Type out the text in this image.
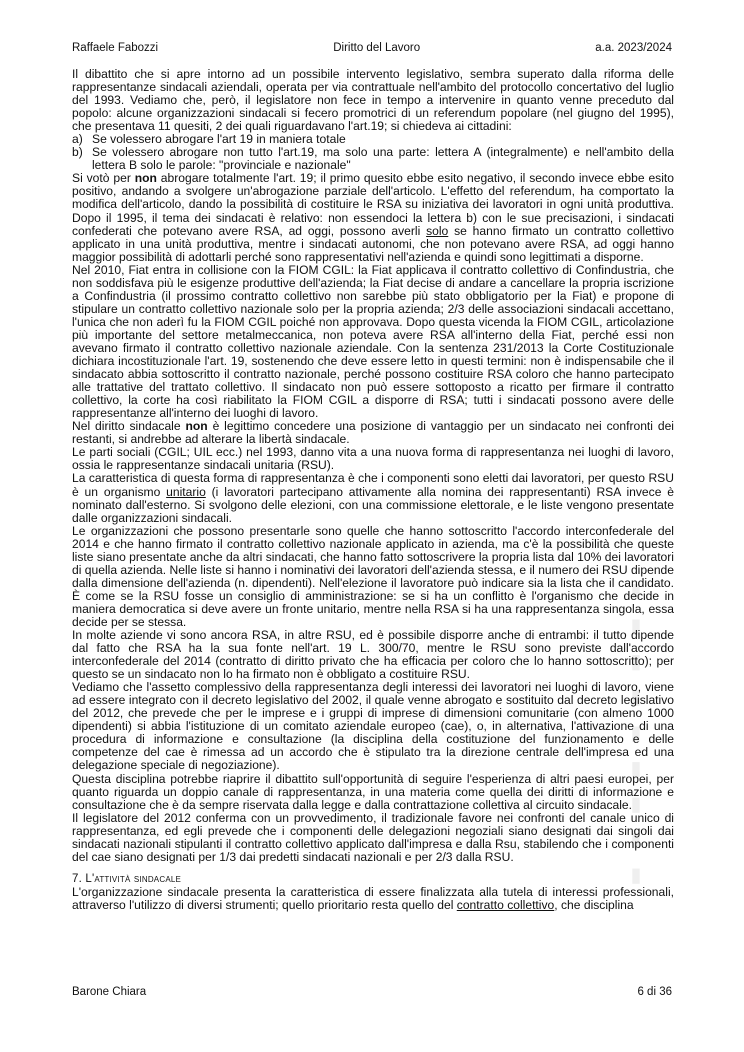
Raffaele Fabozzi	Diritto del Lavoro	a.a. 2023/2024

Il dibattito che si apre intorno ad un possibile intervento legislativo, sembra superato dalla riforma delle rappresentanze sindacali aziendali, operata per via contrattuale nell'ambito del protocollo concertativo del luglio del 1993. Vediamo che, però, il legislatore non fece in tempo a intervenire in quanto venne preceduto dal popolo: alcune organizzazioni sindacali si fecero promotrici di un referendum popolare (nel giugno del 1995), che presentava 11 quesiti, 2 dei quali riguardavano l'art.19; si chiedeva ai cittadini:

a) Se volessero abrogare l'art 19 in maniera totale
b) Se volessero abrogare non tutto l'art.19, ma solo una parte: lettera A (integralmente) e nell'ambito della lettera B solo le parole: "provinciale e nazionale"

Si votò per non abrogare totalmente l'art. 19; il primo quesito ebbe esito negativo, il secondo invece ebbe esito positivo, andando a svolgere un'abrogazione parziale dell'articolo. L'effetto del referendum, ha comportato la modifica dell'articolo, dando la possibilità di costituire le RSA su iniziativa dei lavoratori in ogni unità produttiva. Dopo il 1995, il tema dei sindacati è relativo: non essendoci la lettera b) con le sue precisazioni, i sindacati confederati che potevano avere RSA, ad oggi, possono averli solo se hanno firmato un contratto collettivo applicato in una unità produttiva, mentre i sindacati autonomi, che non potevano avere RSA, ad oggi hanno maggior possibilità di adottarli perché sono rappresentativi nell'azienda e quindi sono legittimati a disporne.

Nel 2010, Fiat entra in collisione con la FIOM CGIL: la Fiat applicava il contratto collettivo di Confindustria, che non soddisfava più le esigenze produttive dell'azienda; la Fiat decise di andare a cancellare la propria iscrizione a Confindustria (il prossimo contratto collettivo non sarebbe più stato obbligatorio per la Fiat) e propone di stipulare un contratto collettivo nazionale solo per la propria azienda; 2/3 delle associazioni sindacali accettano, l'unica che non aderì fu la FIOM CGIL poiché non approvava. Dopo questa vicenda la FIOM CGIL, articolazione più importante del settore metalmeccanica, non poteva avere RSA all'interno della Fiat, perché essi non avevano firmato il contratto collettivo nazionale aziendale. Con la sentenza 231/2013 la Corte Costituzionale dichiara incostituzionale l'art. 19, sostenendo che deve essere letto in questi termini: non è indispensabile che il sindacato abbia sottoscritto il contratto nazionale, perché possono costituire RSA coloro che hanno partecipato alle trattative del trattato collettivo. Il sindacato non può essere sottoposto a ricatto per firmare il contratto collettivo, la corte ha così riabilitato la FIOM CGIL a disporre di RSA; tutti i sindacati possono avere delle rappresentanze all'interno dei luoghi di lavoro.

Nel diritto sindacale non è legittimo concedere una posizione di vantaggio per un sindacato nei confronti dei restanti, si andrebbe ad alterare la libertà sindacale.

Le parti sociali (CGIL; UIL ecc.) nel 1993, danno vita a una nuova forma di rappresentanza nei luoghi di lavoro, ossia le rappresentanze sindacali unitaria (RSU).

La caratteristica di questa forma di rappresentanza è che i componenti sono eletti dai lavoratori, per questo RSU è un organismo unitario (i lavoratori partecipano attivamente alla nomina dei rappresentanti) RSA invece è nominato dall'esterno. Si svolgono delle elezioni, con una commissione elettorale, e le liste vengono presentate dalle organizzazioni sindacali.

Le organizzazioni che possono presentarle sono quelle che hanno sottoscritto l'accordo interconfederale del 2014 e che hanno firmato il contratto collettivo nazionale applicato in azienda, ma c'è la possibilità che queste liste siano presentate anche da altri sindacati, che hanno fatto sottoscrivere la propria lista dal 10% dei lavoratori di quella azienda. Nelle liste si hanno i nominativi dei lavoratori dell'azienda stessa, e il numero dei RSU dipende dalla dimensione dell'azienda (n. dipendenti). Nell'elezione il lavoratore può indicare sia la lista che il candidato. È come se la RSU fosse un consiglio di amministrazione: se si ha un conflitto è l'organismo che decide in maniera democratica si deve avere un fronte unitario, mentre nella RSA si ha una rappresentanza singola, essa decide per se stessa.

In molte aziende vi sono ancora RSA, in altre RSU, ed è possibile disporre anche di entrambi: il tutto dipende dal fatto che RSA ha la sua fonte nell'art. 19 L. 300/70, mentre le RSU sono previste dall'accordo interconfederale del 2014 (contratto di diritto privato che ha efficacia per coloro che lo hanno sottoscritto); per questo se un sindacato non lo ha firmato non è obbligato a costituire RSU.

Vediamo che l'assetto complessivo della rappresentanza degli interessi dei lavoratori nei luoghi di lavoro, viene ad essere integrato con il decreto legislativo del 2002, il quale venne abrogato e sostituito dal decreto legislativo del 2012, che prevede che per le imprese e i gruppi di imprese di dimensioni comunitarie (con almeno 1000 dipendenti) si abbia l'istituzione di un comitato aziendale europeo (cae), o, in alternativa, l'attivazione di una procedura di informazione e consultazione (la disciplina della costituzione del funzionamento e delle competenze del cae è rimessa ad un accordo che è stipulato tra la direzione centrale dell'impresa ed una delegazione speciale di negoziazione).

Questa disciplina potrebbe riaprire il dibattito sull'opportunità di seguire l'esperienza di altri paesi europei, per quanto riguarda un doppio canale di rappresentanza, in una materia come quella dei diritti di informazione e consultazione che è da sempre riservata dalla legge e dalla contrattazione collettiva al circuito sindacale.

Il legislatore del 2012 conferma con un provvedimento, il tradizionale favore nei confronti del canale unico di rappresentanza, ed egli prevede che i componenti delle delegazioni negoziali siano designati dai singoli dai sindacati nazionali stipulanti il contratto collettivo applicato dall'impresa e dalla Rsu, stabilendo che i componenti del cae siano designati per 1/3 dai predetti sindacati nazionali e per 2/3 dalla RSU.

7. L'attività sindacale

L'organizzazione sindacale presenta la caratteristica di essere finalizzata alla tutela di interessi professionali, attraverso l'utilizzo di diversi strumenti; quello prioritario resta quello del contratto collettivo, che disciplina

▮ ▮ ▮ ▮ ▮ ▮ ▮ ▮ ▮
Barone Chiara	6 di 36
